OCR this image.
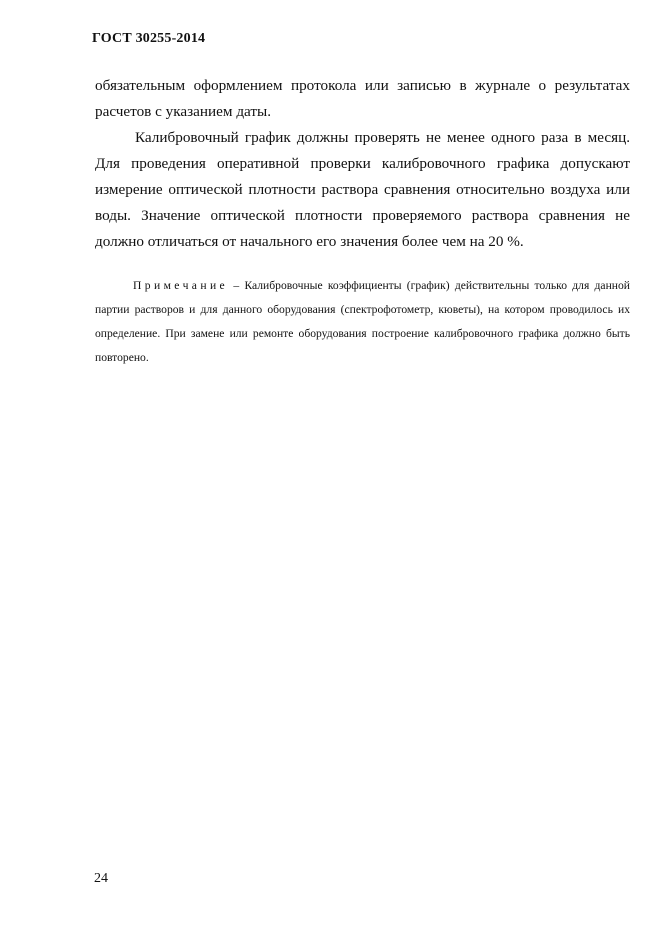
ГОСТ 30255-2014

обязательным оформлением протокола или записью в журнале о результатах расчетов с указанием даты.

Калибровочный график должны проверять не менее одного раза в месяц. Для проведения оперативной проверки калибровочного графика допускают измерение оптической плотности раствора сравнения относительно воздуха или воды. Значение оптической плотности проверяемого раствора сравнения не должно отличаться от начального его значения более чем на 20 %.

Примечание – Калибровочные коэффициенты (график) действительны только для данной партии растворов и для данного оборудования (спектрофотометр, кюветы), на котором проводилось их определение. При замене или ремонте оборудования построение калибровочного графика должно быть повторено.

24
